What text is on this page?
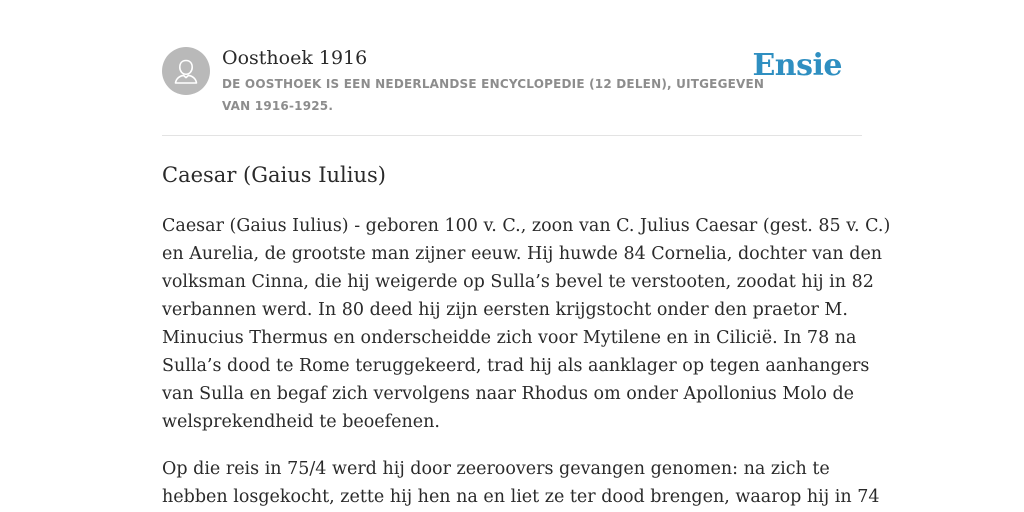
Oosthoek 1916

DE OOSTHOEK IS EEN NEDERLANDSE ENCYCLOPEDIE (12 DELEN), UITGEGEVEN
VAN 1916-1925.

Ensie
Caesar (Gaius Iulius)

Caesar (Gaius Iulius) - geboren 100 v. C., zoon van C. Julius Caesar (gest. 85 v. C.)
en Aurelia, de grootste man zijner eeuw. Hij huwde 84 Cornelia, dochter van den
volksman Cinna, die hij weigerde op Sulla’s bevel te verstooten, zoodat hij in 82
verbannen werd. In 80 deed hij zijn eersten krijgstocht onder den praetor M.
Minucius Thermus en onderscheidde zich voor Mytilene en in Cilicië. In 78 na
Sulla’s dood te Rome teruggekeerd, trad hij als aanklager op tegen aanhangers
van Sulla en begaf zich vervolgens naar Rhodus om onder Apollonius Molo de
welsprekendheid te beoefenen.

Op die reis in 75/4 werd hij door zeeroovers gevangen genomen: na zich te
hebben losgekocht, zette hij hen na en liet ze ter dood brengen, waarop hij in 74
